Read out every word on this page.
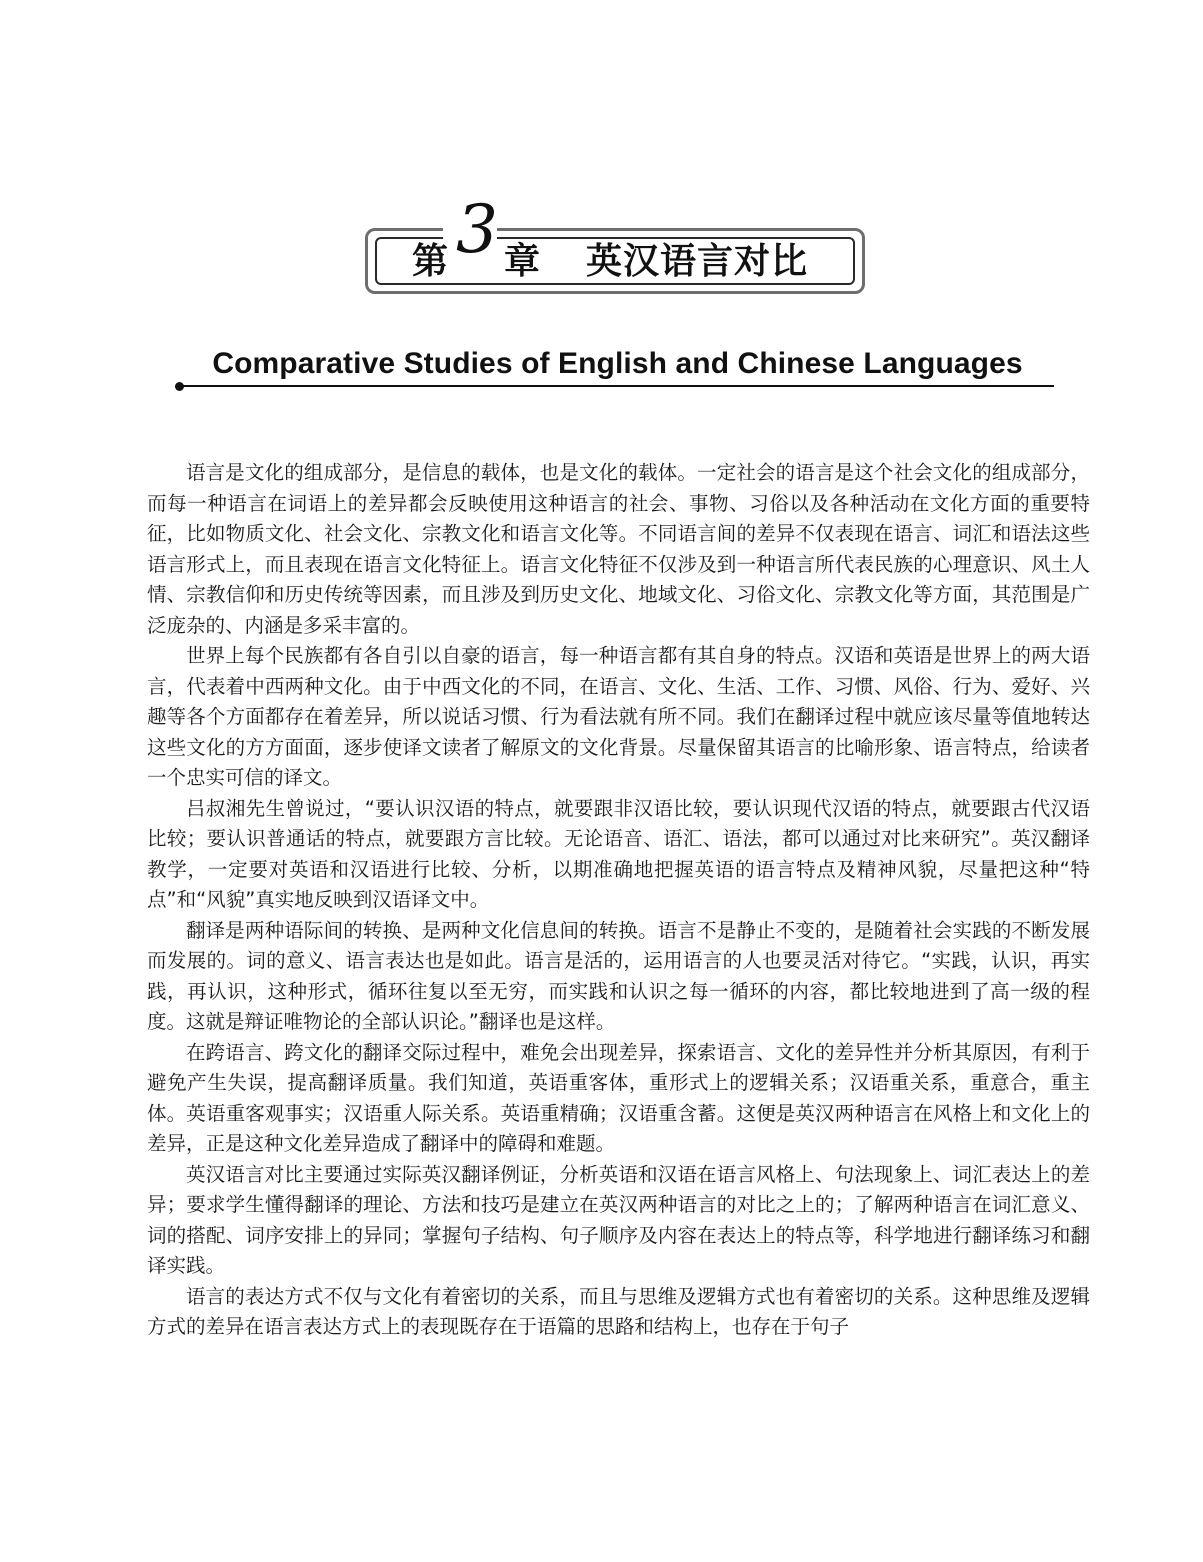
第 3 章 英汉语言对比
Comparative Studies of English and Chinese Languages

语言是文化的组成部分，是信息的载体，也是文化的载体。一定社会的语言是这个社会文化的组成部分，而每一种语言在词语上的差异都会反映使用这种语言的社会、事物、习俗以及各种活动在文化方面的重要特征，比如物质文化、社会文化、宗教文化和语言文化等。不同语言间的差异不仅表现在语言、词汇和语法这些语言形式上，而且表现在语言文化特征上。语言文化特征不仅涉及到一种语言所代表民族的心理意识、风土人情、宗教信仰和历史传统等因素，而且涉及到历史文化、地域文化、习俗文化、宗教文化等方面，其范围是广泛庞杂的、内涵是多采丰富的。

世界上每个民族都有各自引以自豪的语言，每一种语言都有其自身的特点。汉语和英语是世界上的两大语言，代表着中西两种文化。由于中西文化的不同，在语言、文化、生活、工作、习惯、风俗、行为、爱好、兴趣等各个方面都存在着差异，所以说话习惯、行为看法就有所不同。我们在翻译过程中就应该尽量等值地转达这些文化的方方面面，逐步使译文读者了解原文的文化背景。尽量保留其语言的比喻形象、语言特点，给读者一个忠实可信的译文。

吕叔湘先生曾说过，“要认识汉语的特点，就要跟非汉语比较，要认识现代汉语的特点，就要跟古代汉语比较；要认识普通话的特点，就要跟方言比较。无论语音、语汇、语法，都可以通过对比来研究”。英汉翻译教学，一定要对英语和汉语进行比较、分析，以期准确地把握英语的语言特点及精神风貌，尽量把这种“特点”和“风貌”真实地反映到汉语译文中。

翻译是两种语际间的转换、是两种文化信息间的转换。语言不是静止不变的，是随着社会实践的不断发展而发展的。词的意义、语言表达也是如此。语言是活的，运用语言的人也要灵活对待它。“实践，认识，再实践，再认识，这种形式，循环往复以至无穷，而实践和认识之每一循环的内容，都比较地进到了高一级的程度。这就是辩证唯物论的全部认识论。”翻译也是这样。

在跨语言、跨文化的翻译交际过程中，难免会出现差异，探索语言、文化的差异性并分析其原因，有利于避免产生失误，提高翻译质量。我们知道，英语重客体，重形式上的逻辑关系；汉语重关系，重意合，重主体。英语重客观事实；汉语重人际关系。英语重精确；汉语重含蓄。这便是英汉两种语言在风格上和文化上的差异，正是这种文化差异造成了翻译中的障碍和难题。

英汉语言对比主要通过实际英汉翻译例证，分析英语和汉语在语言风格上、句法现象上、词汇表达上的差异；要求学生懂得翻译的理论、方法和技巧是建立在英汉两种语言的对比之上的；了解两种语言在词汇意义、词的搭配、词序安排上的异同；掌握句子结构、句子顺序及内容在表达上的特点等，科学地进行翻译练习和翻译实践。

语言的表达方式不仅与文化有着密切的关系，而且与思维及逻辑方式也有着密切的关系。这种思维及逻辑方式的差异在语言表达方式上的表现既存在于语篇的思路和结构上，也存在于句子
